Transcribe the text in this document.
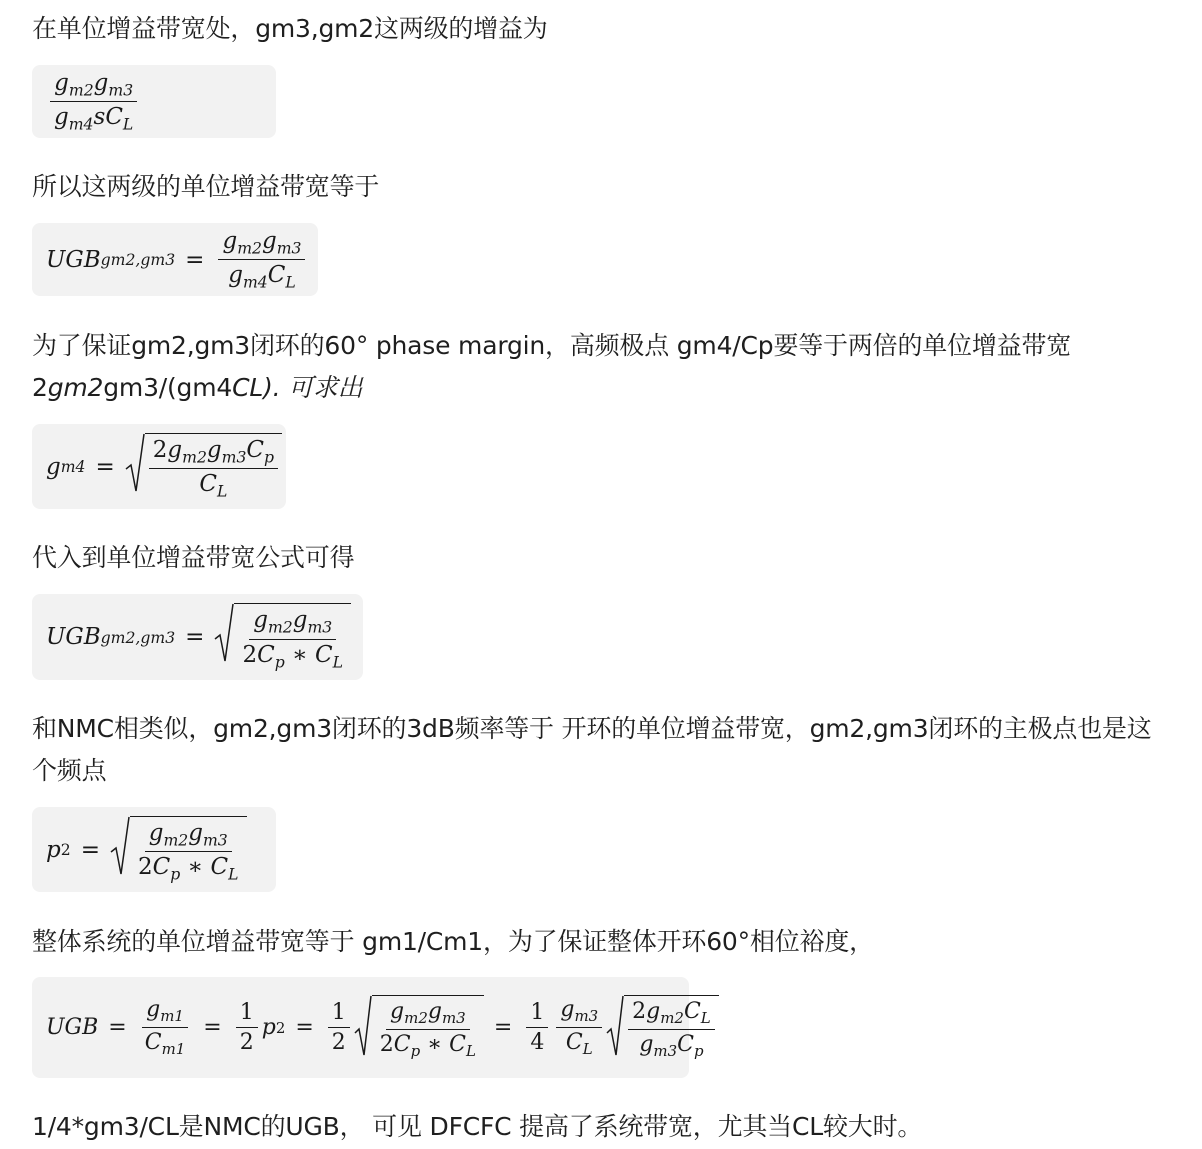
在单位增益带宽处，gm3,gm2这两级的增益为
$\frac{g_{m2}g_{m3}}{g_{m4}sC_L}$
所以这两级的单位增益带宽等于
UGB $gm2,gm3 = \frac{g_{m2}g_{m3}}{g_{m4}C_L}$
为了保证gm2,gm3闭环的60° phase margin，高频极点 gm4/Cp要等于两倍的单位增益带宽
2gm2gm3/(gm4CL). 可求出
g $m4 = \frac{2g_{m2}g_{m3}C_p}{C_L}$
代入到单位增益带宽公式可得
UGB $gm2,gm3 = \frac{g_{m2}g_{m3}}{2C_p ∗ C_L}$
和NMC相类似，gm2,gm3闭环的3dB频率等于 开环的单位增益带宽，gm2,gm3闭环的主极点也是这个频点
p $2 = \frac{g_{m2}g_{m3}}{2C_p ∗ C_L}$
整体系统的单位增益带宽等于 gm1/Cm1，为了保证整体开环60°相位裕度，
UGB = $\frac{g_{m1}}{C_{m1}} = \frac{1}{2}$ p $2 = \frac{1}{2} \frac{g_{m2}g_{m3}}{2C_p ∗ C_L} = \frac{1}{4} \frac{g_{m3}}{C_L} \frac{2g_{m2}C_L}{g_{m3}C_p}$
1/4*gm3/CL是NMC的UGB， 可见 DFCFC 提高了系统带宽，尤其当CL较大时。
